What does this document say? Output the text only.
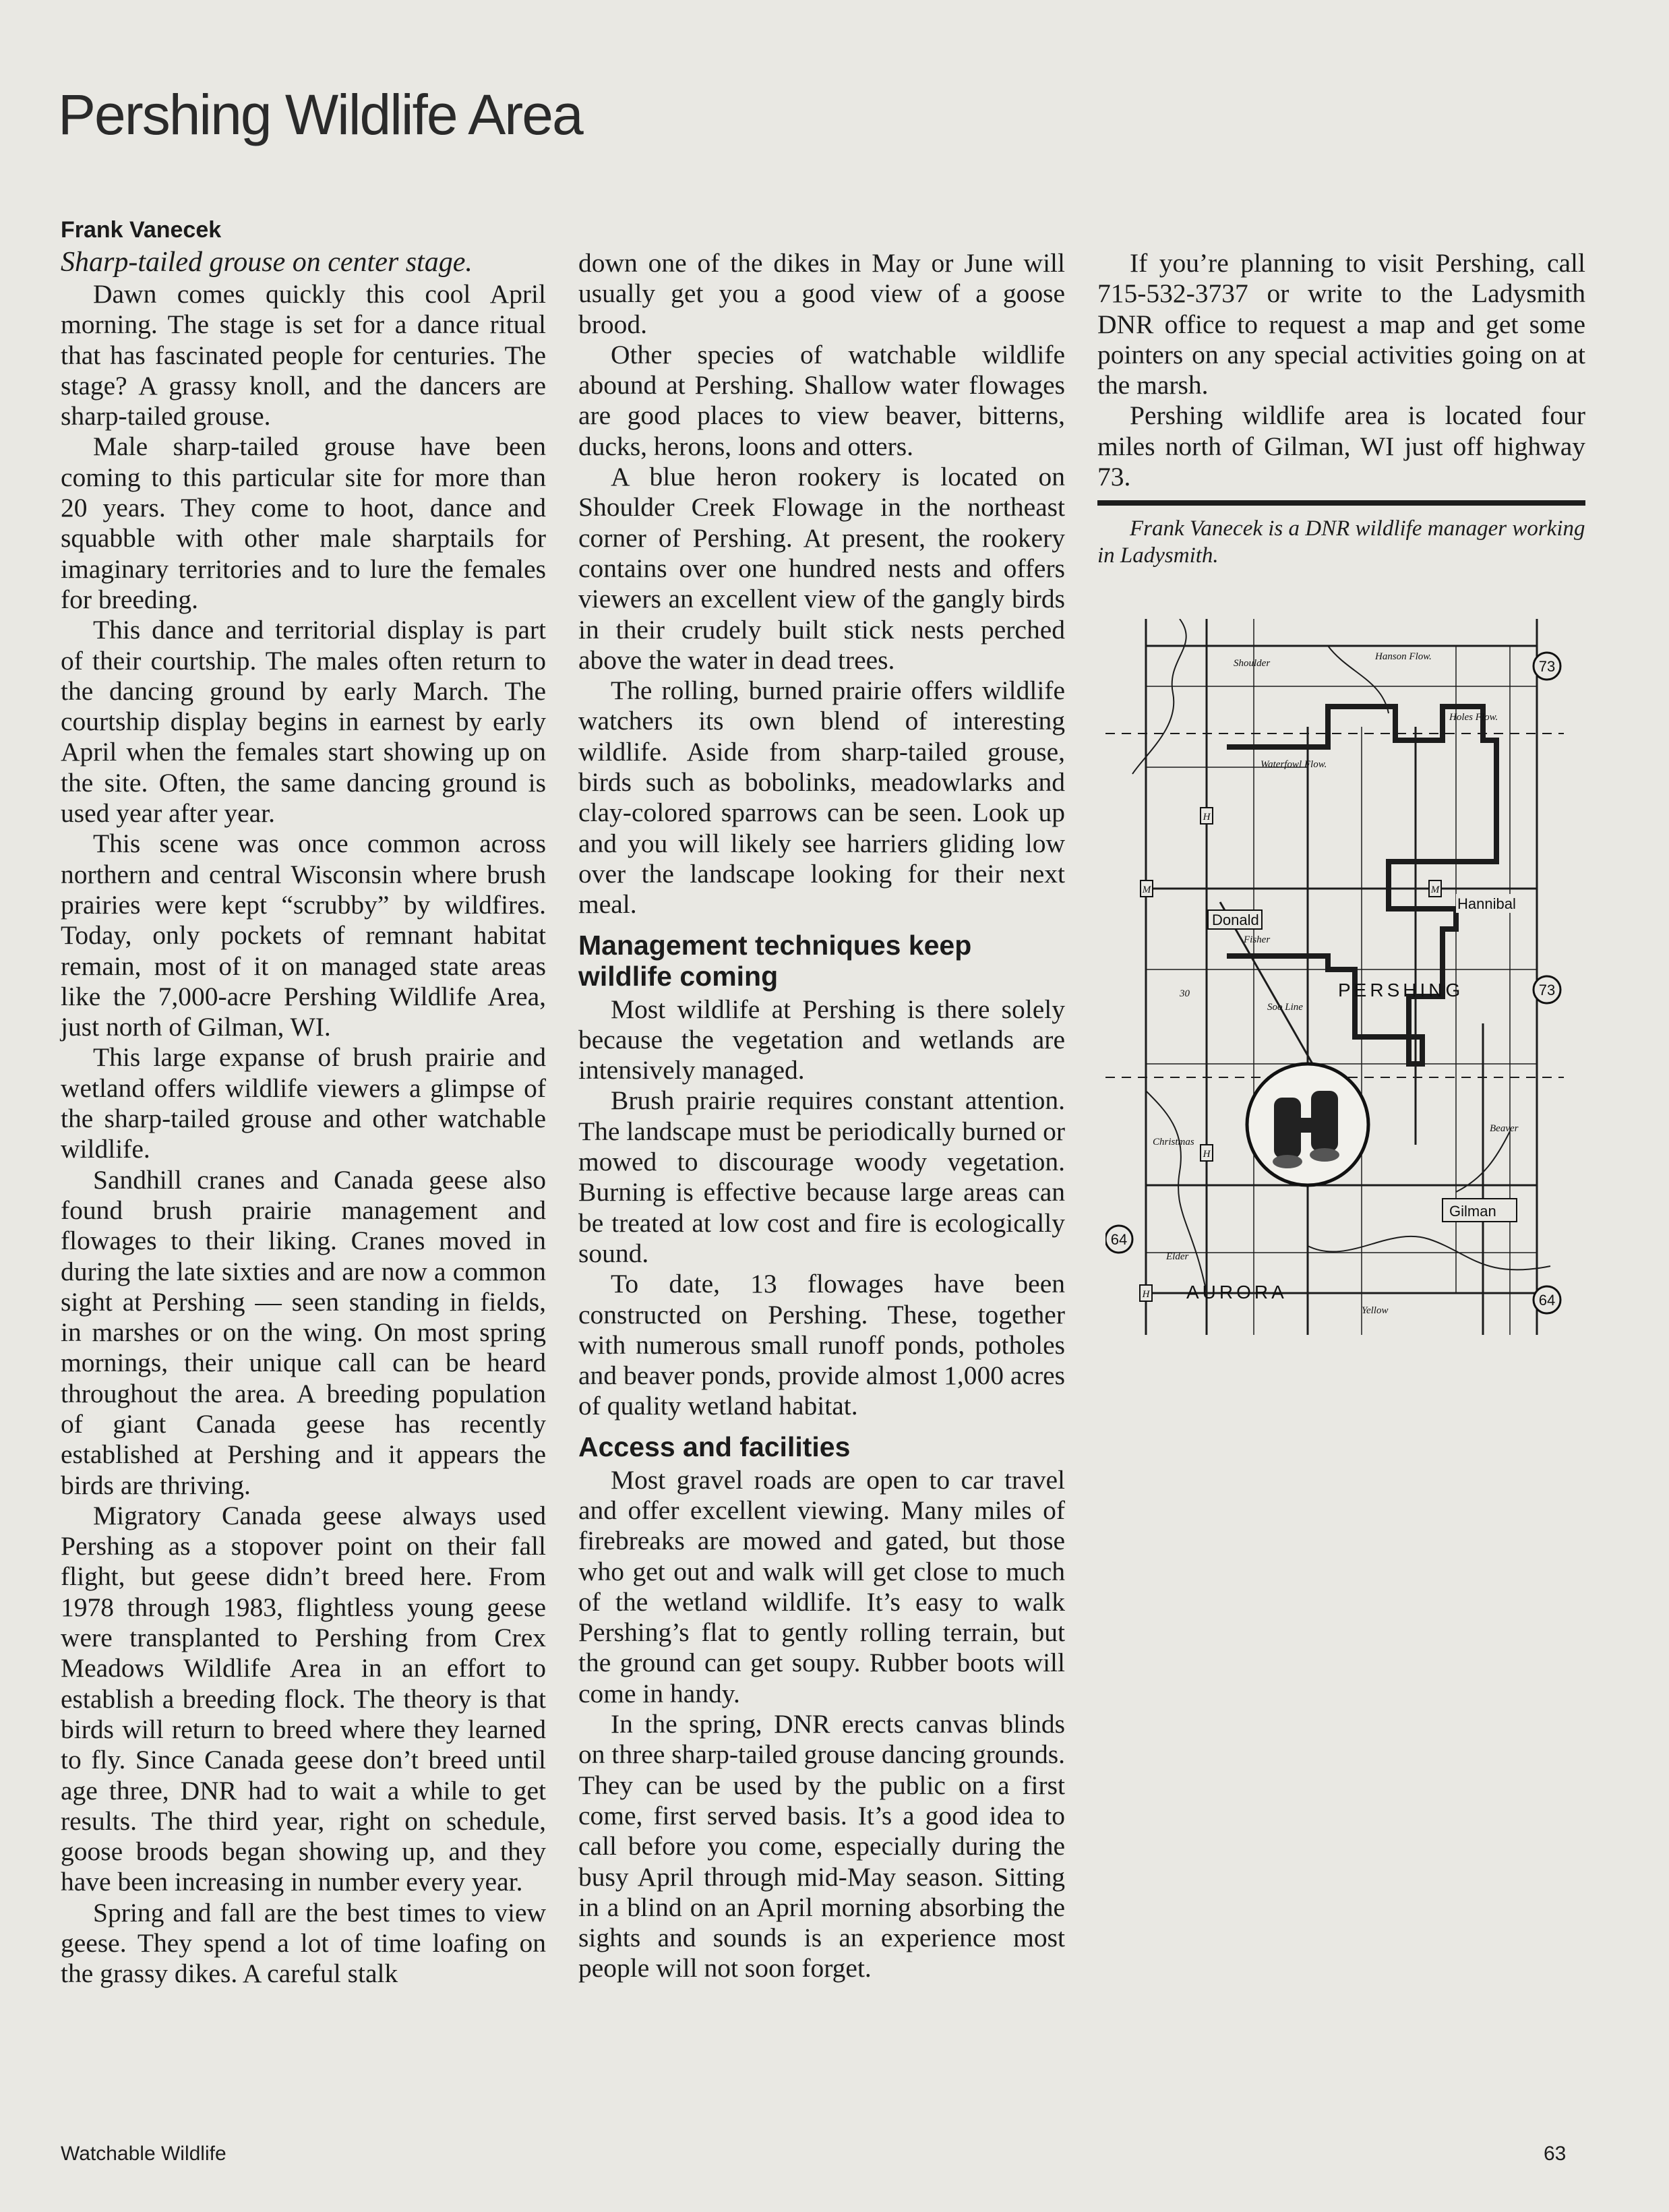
Pershing Wildlife Area

Frank Vanecek

Sharp-tailed grouse on center stage.

Dawn comes quickly this cool April morning. The stage is set for a dance ritual that has fascinated people for centuries. The stage? A grassy knoll, and the dancers are sharp-tailed grouse.

Male sharp-tailed grouse have been coming to this particular site for more than 20 years. They come to hoot, dance and squabble with other male sharptails for imaginary territories and to lure the females for breeding.

This dance and territorial display is part of their courtship. The males often return to the dancing ground by early March. The courtship display begins in earnest by early April when the females start showing up on the site. Often, the same dancing ground is used year after year.

This scene was once common across northern and central Wisconsin where brush prairies were kept “scrubby” by wildfires. Today, only pockets of remnant habitat remain, most of it on managed state areas like the 7,000-acre Pershing Wildlife Area, just north of Gilman, WI.

This large expanse of brush prairie and wetland offers wildlife viewers a glimpse of the sharp-tailed grouse and other watchable wildlife.

Sandhill cranes and Canada geese also found brush prairie management and flowages to their liking. Cranes moved in during the late sixties and are now a common sight at Pershing — seen standing in fields, in marshes or on the wing. On most spring mornings, their unique call can be heard throughout the area. A breeding population of giant Canada geese has recently established at Pershing and it appears the birds are thriving.

Migratory Canada geese always used Pershing as a stopover point on their fall flight, but geese didn’t breed here. From 1978 through 1983, flightless young geese were transplanted to Pershing from Crex Meadows Wildlife Area in an effort to establish a breeding flock. The theory is that birds will return to breed where they learned to fly. Since Canada geese don’t breed until age three, DNR had to wait a while to get results. The third year, right on schedule, goose broods began showing up, and they have been increasing in number every year.

Spring and fall are the best times to view geese. They spend a lot of time loafing on the grassy dikes. A careful stalk

down one of the dikes in May or June will usually get you a good view of a goose brood.

Other species of watchable wildlife abound at Pershing. Shallow water flowages are good places to view beaver, bitterns, ducks, herons, loons and otters.

A blue heron rookery is located on Shoulder Creek Flowage in the northeast corner of Pershing. At present, the rookery contains over one hundred nests and offers viewers an excellent view of the gangly birds in their crudely built stick nests perched above the water in dead trees.

The rolling, burned prairie offers wildlife watchers its own blend of interesting wildlife. Aside from sharp-tailed grouse, birds such as bobolinks, meadowlarks and clay-colored sparrows can be seen. Look up and you will likely see harriers gliding low over the landscape looking for their next meal.

Management techniques keep wildlife coming

Most wildlife at Pershing is there solely because the vegetation and wetlands are intensively managed.

Brush prairie requires constant attention. The landscape must be periodically burned or mowed to discourage woody vegetation. Burning is effective because large areas can be treated at low cost and fire is ecologically sound.

To date, 13 flowages have been constructed on Pershing. These, together with numerous small runoff ponds, potholes and beaver ponds, provide almost 1,000 acres of quality wetland habitat.

Access and facilities

Most gravel roads are open to car travel and offer excellent viewing. Many miles of firebreaks are mowed and gated, but those who get out and walk will get close to much of the wetland wildlife. It’s easy to walk Pershing’s flat to gently rolling terrain, but the ground can get soupy. Rubber boots will come in handy.

In the spring, DNR erects canvas blinds on three sharp-tailed grouse dancing grounds. They can be used by the public on a first come, first served basis. It’s a good idea to call before you come, especially during the busy April through mid-May season. Sitting in a blind on an April morning absorbing the sights and sounds is an experience most people will not soon forget.

If you’re planning to visit Pershing, call 715-532-3737 or write to the Ladysmith DNR office to request a map and get some pointers on any special activities going on at the marsh.

Pershing wildlife area is located four miles north of Gilman, WI just off highway 73.

Frank Vanecek is a DNR wildlife manager working in Ladysmith.

73
73
64
64
M	M
H
H
H
30	PERSHING
AURORA
Hannibal
Donald
Gilman
Shoulder
Hanson Flow.
Waterfowl Flow.
Holes Flow.
Fisher
Soo Line
Christmas
Elder
Yellow
Beaver
Watchable Wildlife	63
